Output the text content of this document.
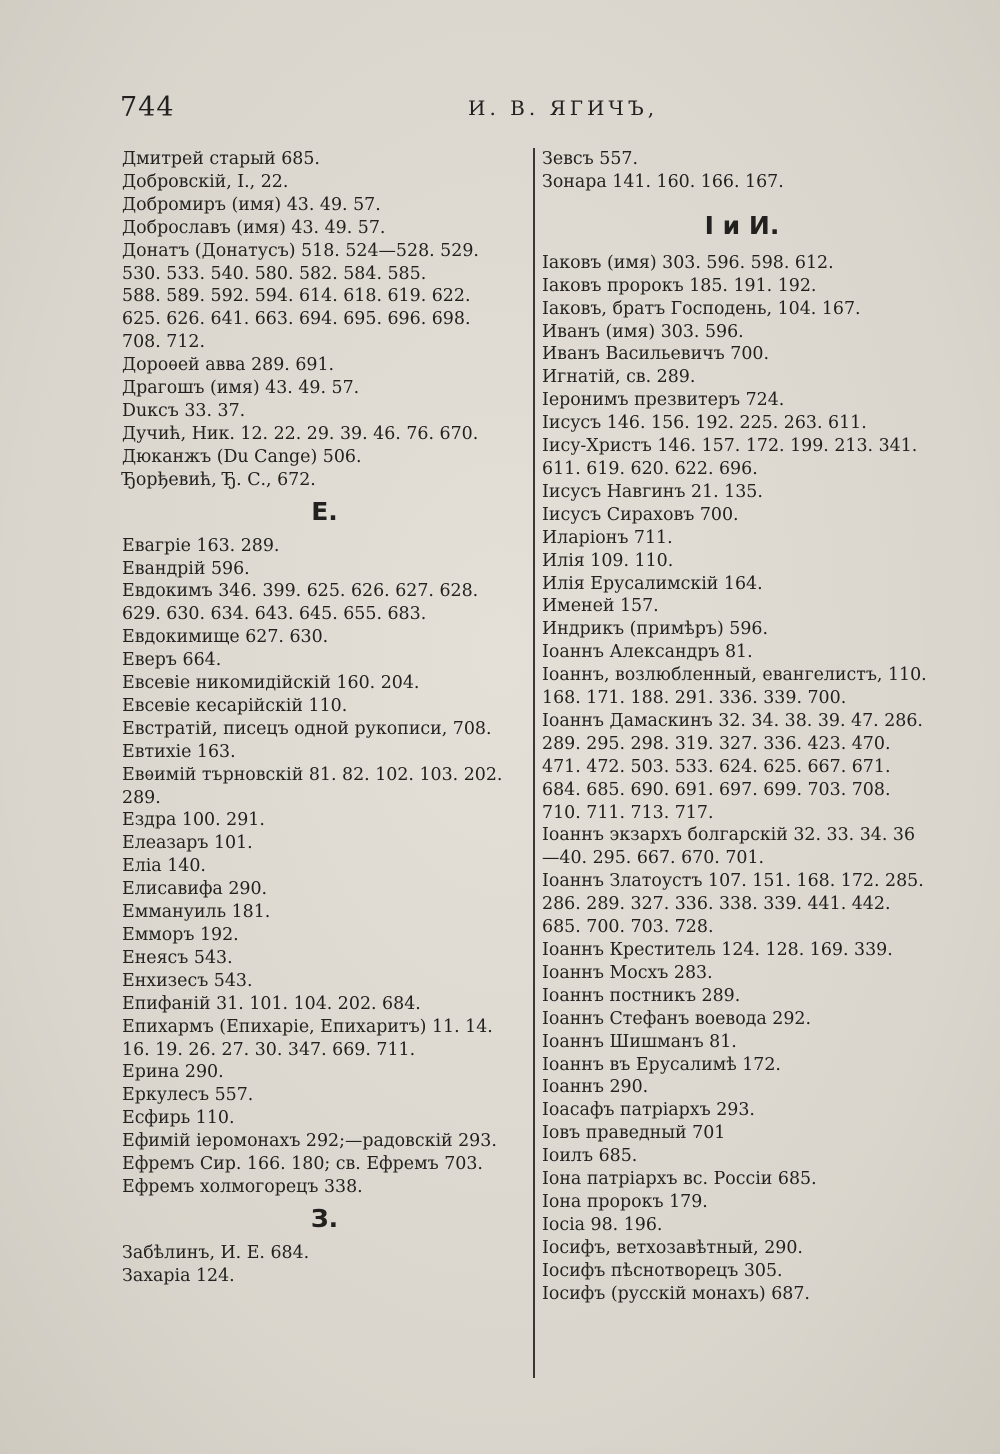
744	И. В. ЯГИЧЪ,
Дмитрей старый 685.
Добровскій, І., 22.
Добромиръ (имя) 43. 49. 57.
Доброславъ (имя) 43. 49. 57.
Донатъ (Донатусъ) 518. 524—528. 529.
530. 533. 540. 580. 582. 584. 585.
588. 589. 592. 594. 614. 618. 619. 622.
625. 626. 641. 663. 694. 695. 696. 698.
708. 712.
Дороѳей авва 289. 691.
Драгошъ (имя) 43. 49. 57.
Duксъ 33. 37.
Дучић, Ник. 12. 22. 29. 39. 46. 76. 670.
Дюканжъ (Du Cange) 506.
Ђорђевић, Ђ. С., 672.
Е.
Евагріе 163. 289.
Евандрій 596.
Евдокимъ 346. 399. 625. 626. 627. 628.
629. 630. 634. 643. 645. 655. 683.
Евдокимище 627. 630.
Еверъ 664.
Евсевіе никомидійскій 160. 204.
Евсевіе кесарійскій 110.
Евстратій, писецъ одной рукописи, 708.
Евтихіе 163.
Евѳимій търновскій 81. 82. 102. 103. 202.
289.
Ездра 100. 291.
Елеазаръ 101.
Еліа 140.
Елисавифа 290.
Еммануиль 181.
Емморъ 192.
Енеясъ 543.
Енхизесъ 543.
Епифаній 31. 101. 104. 202. 684.
Епихармъ (Епихаріе, Епихаритъ) 11. 14.
16. 19. 26. 27. 30. 347. 669. 711.
Ерина 290.
Еркулесъ 557.
Есфирь 110.
Ефимій іеромонахъ 292;—радовскій 293.
Ефремъ Сир. 166. 180; св. Ефремъ 703.
Ефремъ холмогорецъ 338.
З.
Забѣлинъ, И. Е. 684.
Захаріа 124.
Зевсъ 557.
Зонара 141. 160. 166. 167.
І и И.
Іаковъ (имя) 303. 596. 598. 612.
Іаковъ пророкъ 185. 191. 192.
Іаковъ, братъ Господень, 104. 167.
Иванъ (имя) 303. 596.
Иванъ Васильевичъ 700.
Игнатій, св. 289.
Іеронимъ презвитеръ 724.
Іисусъ 146. 156. 192. 225. 263. 611.
Іису-Христъ 146. 157. 172. 199. 213. 341.
611. 619. 620. 622. 696.
Іисусъ Навгинъ 21. 135.
Іисусъ Сираховъ 700.
Иларіонъ 711.
Илія 109. 110.
Илія Ерусалимскій 164.
Именей 157.
Индрикъ (примѣръ) 596.
Іоаннъ Александръ 81.
Іоаннъ, возлюбленный, евангелистъ, 110.
168. 171. 188. 291. 336. 339. 700.
Іоаннъ Дамаскинъ 32. 34. 38. 39. 47. 286.
289. 295. 298. 319. 327. 336. 423. 470.
471. 472. 503. 533. 624. 625. 667. 671.
684. 685. 690. 691. 697. 699. 703. 708.
710. 711. 713. 717.
Іоаннъ экзархъ болгарскій 32. 33. 34. 36
—40. 295. 667. 670. 701.
Іоаннъ Златоустъ 107. 151. 168. 172. 285.
286. 289. 327. 336. 338. 339. 441. 442.
685. 700. 703. 728.
Іоаннъ Креститель 124. 128. 169. 339.
Іоаннъ Мосхъ 283.
Іоаннъ постникъ 289.
Іоаннъ Стефанъ воевода 292.
Іоаннъ Шишманъ 81.
Іоаннъ въ Ерусалимѣ 172.
Іоаннъ 290.
Іоасафъ патріархъ 293.
Іовъ праведный 701
Іоилъ 685.
Іона патріархъ вс. Россіи 685.
Іона пророкъ 179.
Іосіа 98. 196.
Іосифъ, ветхозавѣтный, 290.
Іосифъ пѣснотворецъ 305.
Іосифъ (русскій монахъ) 687.
